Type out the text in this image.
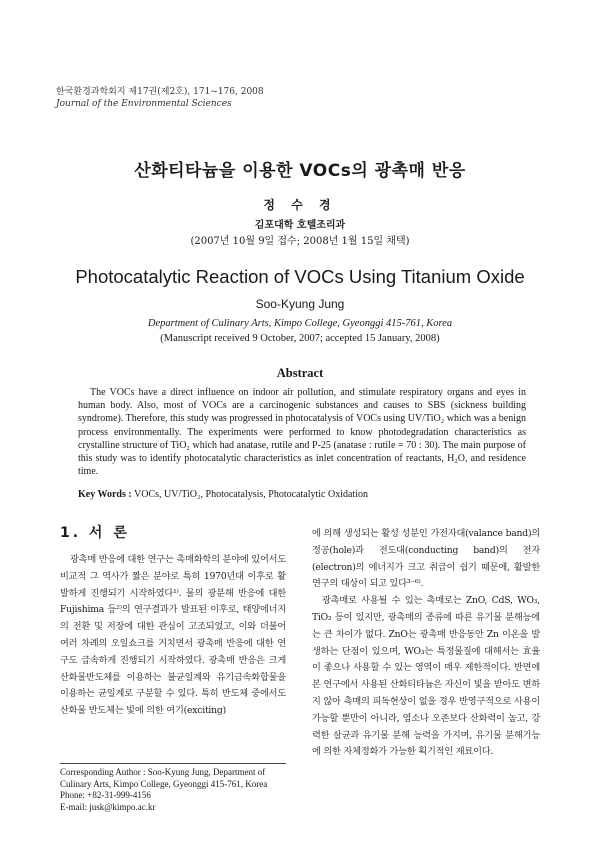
한국환경과학회지 제17권(제2호), 171~176, 2008
Journal of the Environmental Sciences
산화티타늄을 이용한 VOCs의 광촉매 반응
정 수 경
김포대학 호텔조리과
(2007년 10월 9일 접수; 2008년 1월 15일 채택)
Photocatalytic Reaction of VOCs Using Titanium Oxide
Soo-Kyung Jung
Department of Culinary Arts, Kimpo College, Gyeonggi 415-761, Korea
(Manuscript received 9 October, 2007; accepted 15 January, 2008)
Abstract

The VOCs have a direct influence on indoor air pollution, and stimulate respiratory organs and eyes in human body. Also, most of VOCs are a carcinogenic substances and causes to SBS (sickness building syndrome). Therefore, this study was progressed in photocatalysis of VOCs using UV/TiO₂ which was a benign process environmentally. The experiments were performed to know photodegradation characteristics as crystalline structure of TiO₂ which had anatase, rutile and P-25 (anatase : rutile = 70 : 30). The main purpose of this study was to identify photocatalytic characteristics as inlet concentration of reactants, H₂O, and residence time.

Key Words : VOCs, UV/TiO₂, Photocatalysis, Photocatalytic Oxidation
1. 서 론

광촉매 반응에 대한 연구는 촉매화학의 분야에 있어서도 비교적 그 역사가 짧은 분야로 특히 1970년대 이후로 활발하게 진행되기 시작하였다¹⁾. 물의 광분해 반응에 대한 Fujishima 등²⁾의 연구결과가 발표된 이후로, 태양에너지의 전환 및 저장에 대한 관심이 고조되었고, 이와 더불어 여러 차례의 오일쇼크를 거치면서 광촉매 반응에 대한 연구도 급속하게 진행되기 시작하였다. 광촉매 반응은 크게 산화물반도체를 이용하는 불균일계와 유기금속화합물을 이용하는 균일계로 구분할 수 있다. 특히 반도체 중에서도 산화물 반도체는 빛에 의한 여기(exciting)

에 의해 생성되는 활성 성분인 가전자대(valance band)의 정공(hole)과 전도대(conducting band)의 전자(electron)의 에너지가 크고 취급이 쉽기 때문에, 활발한 연구의 대상이 되고 있다³⁻⁶⁾.

광촉매로 사용될 수 있는 촉매로는 ZnO, CdS, WO₃, TiO₂ 등이 있지만, 광촉매의 종류에 따른 유기물 분해능에는 큰 차이가 없다. ZnO는 광촉매 반응동안 Zn 이온을 발생하는 단점이 있으며, WO₃는 특정물질에 대해서는 효율이 좋으나 사용할 수 있는 영역이 매우 제한적이다. 반면에 본 연구에서 사용된 산화티타늄은 자신이 빛을 받아도 변하지 않아 촉매의 피독현상이 없을 경우 반영구적으로 사용이 가능할 뿐만이 아니라, 염소나 오존보다 산화력이 높고, 강력한 살균과 유기물 분해 능력을 가지며, 유기물 분해기능에 의한 자체정화가 가능한 획기적인 재료이다.

Corresponding Author : Soo-Kyung Jung, Department of
Culinary Arts, Kimpo College, Gyeonggi 415-761, Korea
Phone: +82-31-999-4156
E-mail: jusk@kimpo.ac.kr
